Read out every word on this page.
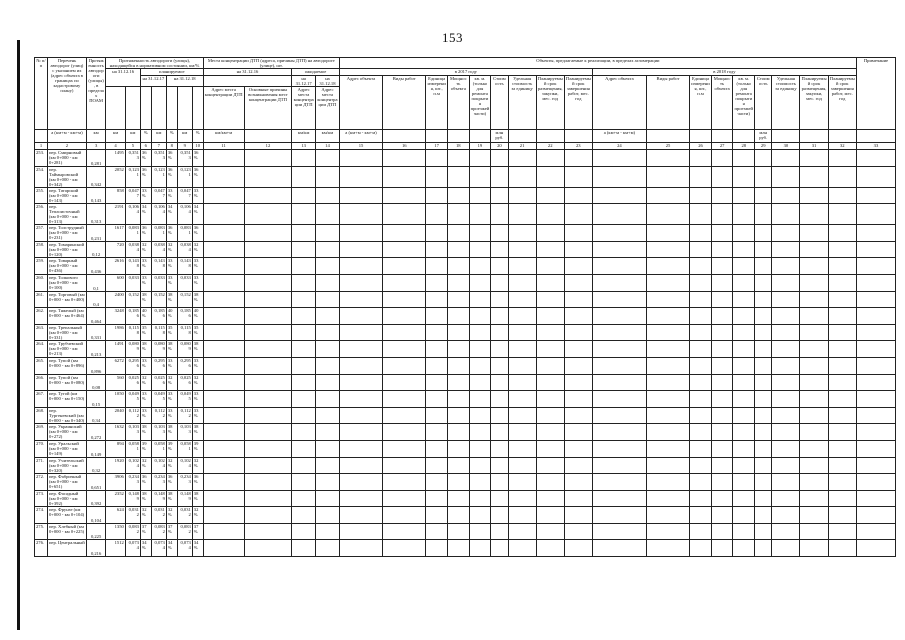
153
№ п/п	Перечень автодорог (улиц) с указанием их (адрес объекта в границах по кадастровому плану)	Протяженность автодороги (улицы), в пределах ПОАМ	Протяженность автодороги (улицы), находящейся в нормативном состоянии, км/%							Места концентрации ДТП (адреса, причины ДТП) на автодороге (улице), шт.				Объекты, предлагаемые к реализации, в пределах агломерации																		Примечание
			на 31.12.16		планируемое					на 31.12.16		ожидаемое		в 2017 году									в 2018 году									
					на 31.12.17		на 31.12.18					на 31.12.17	на 31.12.18	Адрес объекта	Виды работ	Единица измерения, шт., п.м	Мощность объекта	кв. м. (только для ремонта покрытия проезжей части)	Стоимость	Удельная стоимость за единицу	Планируемый срок размещения, закупки, мес. год	Планируемый срок завершения работ, мес. год	Адрес объекта	Виды работ	Единица измерения, шт., п.м	Мощность объекта	кв. м. (только для ремонта покрытия проезжей части)	Стоимость	Удельная стоимость за единицу	Планируемый срок размещения, закупки, мес. год	Планируемый срок завершения работ, мес. год	
										Адрес места концентрации ДТП	Основные причины возникновения мест концентрации ДТП	Адрес места концентрации ДТП	Адрес места концентрации ДТП																			
	а (км+м - км+м)	км	км	км	%	км	%	км	%	км/км+м		км/км	км/км	а (км+м - км+м)					млн руб.				а (км+м - км+м)					млн руб.				
1	2	3	4	5	6	7	8	9	10	11	12	13	14	15	16	17	18	19	20	21	22	23	24	25	26	27	28	29	30	31	32	33
253.	пер. Смирновый (км 0+000 - км 0+281)	0,281	1495	0,3513	36%	0,3513	36%	0,3513	36%																							
254.	пер. Таймыровский (км 0+000 - км 0+342)	0,342	2052	0,1231	36%	0,1231	36%	0,1231	36%																							
255.	пер. Татарский (км 0+000 - км 0+143)	0,143	858	0,0477	33%	0,0477	33%	0,0477	33%																							
256.	пер. Теплоисточный (км 0+000 - км 0+313)	0,313	2191	0,1064	34%	0,1064	34%	0,1064	34%																							
257.	пер. Толструдный (км 0+000 - км 0+231)	0,231	1617	0,0831	36%	0,0831	36%	0,0831	36%																							
258.	пер. Томаринский (км 0+000 - км 0+120)	0,12	720	0,0384	32%	0,0384	32%	0,0384	32%																							
259.	пер. Товарный (км 0+000 - км 0+436)	0,436	2616	0,1438	33%	0,1438	33%	0,1438	33%																							
260.	пер. Толкового (км 0+000 - км 0+100)	0,1	600	0,033	33%	0,033	33%	0,033	33%																							
261.	пер. Торговый (км 0+000 - км 0+400)	0,4	2400	0,152	38%	0,152	38%	0,152	38%																							
262.	пер. Тяжелый (км 0+000 - км 0+464)	0,464	3248	0,1856	40%	0,1856	40%	0,1856	40%																							
263.	пер. Трепальный (км 0+000 - км 0+331)	0,331	1986	0,1158	35%	0,1158	35%	0,1158	35%																							
264.	пер. Трубчевский (км 0+000 - км 0+213)	0,213	1491	0,0809	38%	0,0809	38%	0,0809	38%																							
265.	пер. Тупой (км 0+000 - км 0+896)	0,896	6272	0,2956	33%	0,2956	33%	0,2956	33%																							
266.	пер. Тупой (км 0+000 - км 0+080)	0,08	560	0,0256	32%	0,0256	32%	0,0256	32%																							
267.	пер. Тугой (км 0+000 - км 0+150)	0,15	1050	0,0495	33%	0,0495	33%	0,0495	33%																							
268.	пер. Тургеневский (км 0+000 - км 0+340)	0,34	2040	0,1122	33%	0,1122	33%	0,1122	33%																							
269.	пер. Украинский (км 0+000 - км 0+272)	0,272	1632	0,1033	38%	0,1033	38%	0,1033	38%																							
270.	пер. Уральский (км 0+000 - км 0+149)	0,149	894	0,0581	39%	0,0581	39%	0,0581	39%																							
271.	пер. Учительский (км 0+000 - км 0+320)	0,32	1920	0,1024	32%	0,1024	32%	0,1024	32%																							
272.	пер. Фабричный (км 0+000 - км 0+651)	0,651	3906	0,2343	36%	0,2343	36%	0,2343	36%																							
273.	пер. Фасадный (км 0+000 - км 0+392)	0,392	2352	0,1489	38%	0,1489	38%	0,1489	38%																							
274.	пер. Фрунзе (км 0+000 - км 0+104)	0,104	624	0,0312	32%	0,0312	32%	0,0312	32%																							
275.	пер. Хлебный (км 0+000 - км 0+225)	0,225	1350	0,0832	37%	0,0832	37%	0,0832	37%																							
276.	пер. Центральный	0,216	1512	0,0734	34%	0,0734	34%	0,0734	34%																							
